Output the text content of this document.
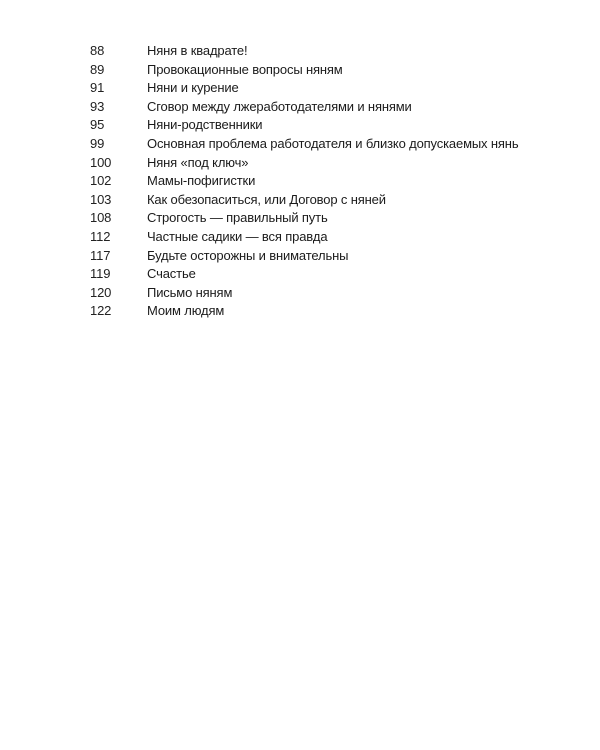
88	Няня в квадрате!
89	Провокационные вопросы няням
91	Няни и курение
93	Сговор между лжеработодателями и нянями
95	Няни-родственники
99	Основная проблема работодателя и близко допускаемых нянь
100	Няня «под ключ»
102	Мамы-пофигистки
103	Как обезопаситься, или Договор с няней
108	Строгость — правильный путь
112	Частные садики — вся правда
117	Будьте осторожны и внимательны
119	Счастье
120	Письмо няням
122	Моим людям
